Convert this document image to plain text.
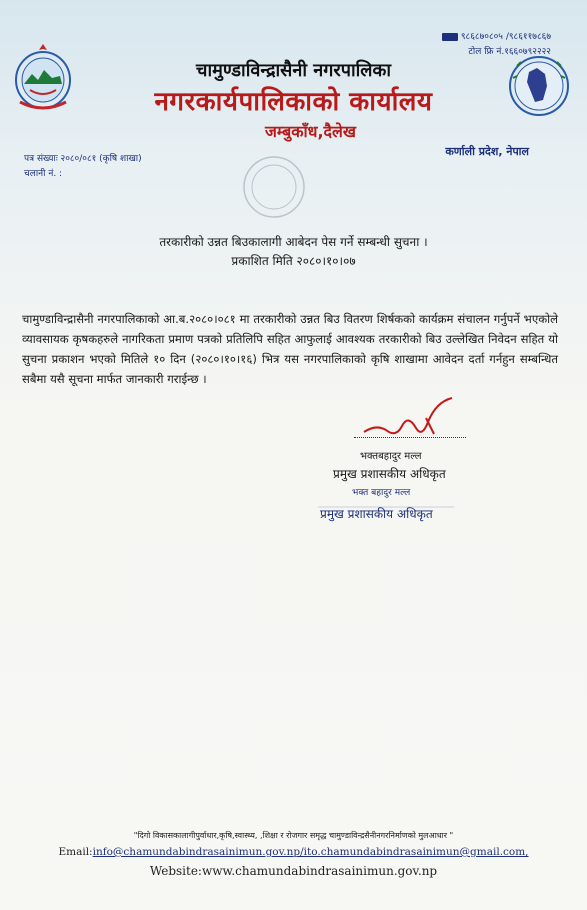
९८६८७०८०५ /९८६११७८६७
टोल फ्रि नं.१६६०७९२२२२
चामुण्डाविन्द्रासैनी नगरपालिका
नगरकार्यपालिकाको कार्यालय
जम्बुकाँध,दैलेख
कर्णाली प्रदेश, नेपाल
पत्र संख्याः २०८०/०८१ (कृषि शाखा)
चलानी नं. :
तरकारीको उन्नत बिउकालागी आबेदन पेस गर्ने सम्बन्धी सुचना ।
प्रकाशित मिति २०८०।१०।०७
चामुण्डाविन्द्रासैनी नगरपालिकाको आ.ब.२०८०।०८१ मा तरकारीको उन्नत बिउ वितरण शिर्षकको कार्यक्रम संचालन गर्नुपर्ने भएकोले व्यावसायक कृषकहरुले नागरिकता प्रमाण पत्रको प्रतिलिपि सहित आफुलाई आवश्यक तरकारीको बिउ उल्लेखित निवेदन सहित यो सुचना प्रकाशन भएको मितिले १० दिन (२०८०।१०।१६) भित्र यस नगरपालिकाको कृषि शाखामा आवेदन दर्ता गर्नहुन सम्बन्धित सबैमा यसै सूचना मार्फत जानकारी गराईन्छ ।
भक्तबहादुर मल्ल
प्रमुख प्रशासकीय अधिकृत
भक्त बहादुर मल्ल
प्रमुख प्रशासकीय अधिकृत
"दिगो विकासकालागीपुर्वाधार,कृषि,स्वास्थ्य, ,शिक्षा र रोजगार समृद्ध चामुण्डाविन्द्रसैनीनगरनिर्माणको मुलआधार "
Email:info@chamundabindrasainimun.gov.np/ito.chamundabindrasainimun@gmail.com,
Website:www.chamundabindrasainimun.gov.np
